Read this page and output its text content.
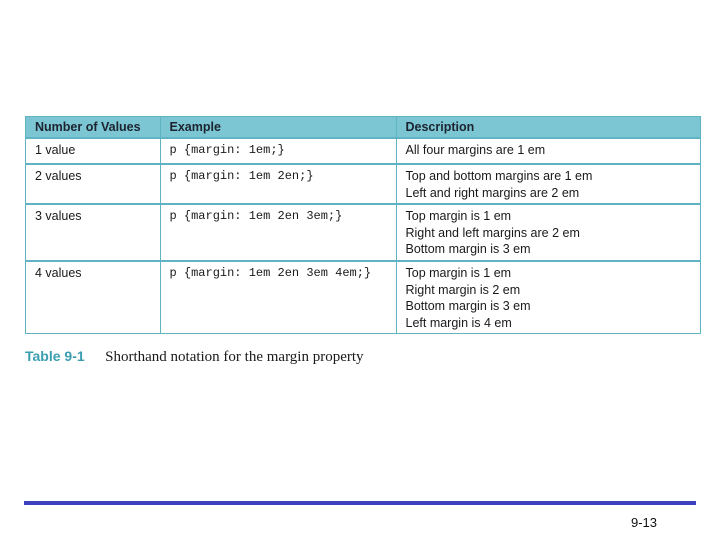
Number of Values	Example	Description
1 value	p {margin: 1em;}	All four margins are 1 em

2 values	p {margin: 1em 2en;}	Top and bottom margins are 1 em
Left and right margins are 2 em

3 values	p {margin: 1em 2en 3em;}	Top margin is 1 em
Right and left margins are 2 em
Bottom margin is 3 em

4 values	p {margin: 1em 2en 3em 4em;}	Top margin is 1 em
Right margin is 2 em
Bottom margin is 3 em
Left margin is 4 em
Table 9-1 Shorthand notation for the margin property
9-13
